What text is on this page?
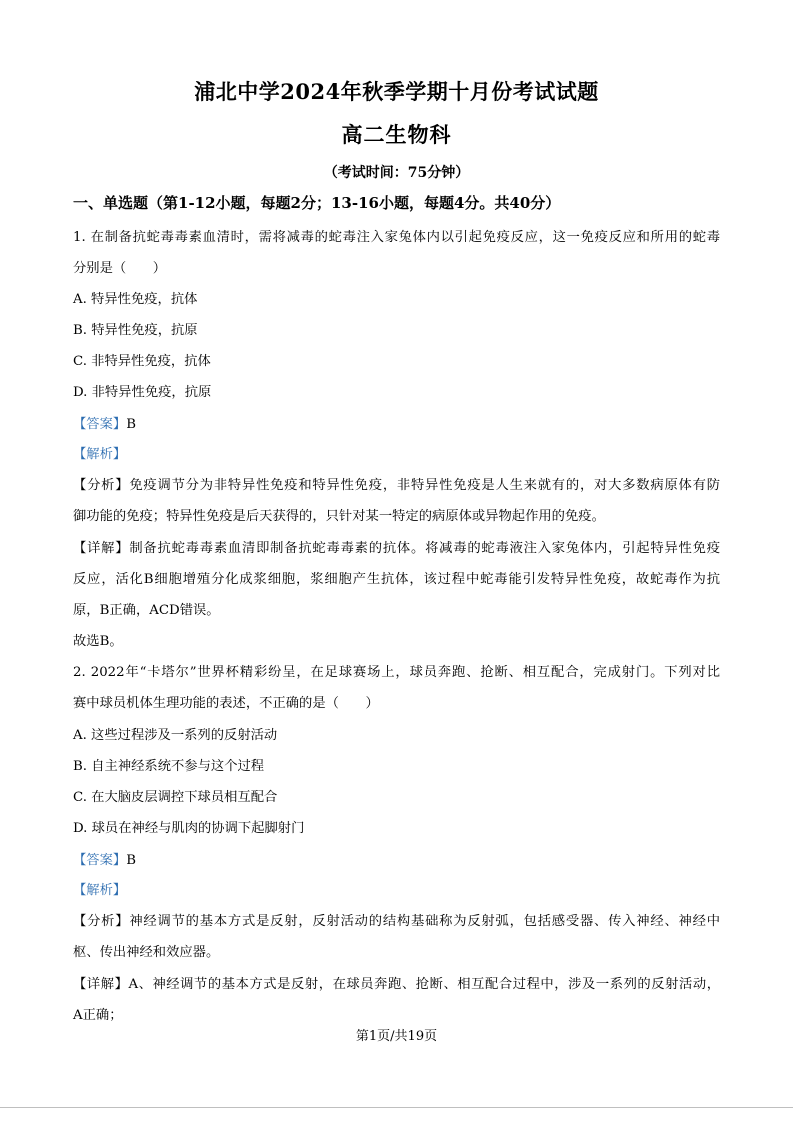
浦北中学2024年秋季学期十月份考试试题
高二生物科
（考试时间：75分钟）
一、单选题（第1-12小题，每题2分；13-16小题，每题4分。共40分）
1. 在制备抗蛇毒毒素血清时，需将减毒的蛇毒注入家兔体内以引起免疫反应，这一免疫反应和所用的蛇毒
分别是（　　）
A. 特异性免疫，抗体
B. 特异性免疫，抗原
C. 非特异性免疫，抗体
D. 非特异性免疫，抗原
【答案】B
【解析】
【分析】免疫调节分为非特异性免疫和特异性免疫，非特异性免疫是人生来就有的，对大多数病原体有防
御功能的免疫；特异性免疫是后天获得的，只针对某一特定的病原体或异物起作用的免疫。
【详解】制备抗蛇毒毒素血清即制备抗蛇毒毒素的抗体。将减毒的蛇毒液注入家兔体内，引起特异性免疫
反应，活化B细胞增殖分化成浆细胞，浆细胞产生抗体，该过程中蛇毒能引发特异性免疫，故蛇毒作为抗
原，B正确，ACD错误。
故选B。
2. 2022年“卡塔尔”世界杯精彩纷呈，在足球赛场上，球员奔跑、抢断、相互配合，完成射门。下列对比
赛中球员机体生理功能的表述，不正确的是（　　）
A. 这些过程涉及一系列的反射活动
B. 自主神经系统不参与这个过程
C. 在大脑皮层调控下球员相互配合
D. 球员在神经与肌肉的协调下起脚射门
【答案】B
【解析】
【分析】神经调节的基本方式是反射，反射活动的结构基础称为反射弧，包括感受器、传入神经、神经中
枢、传出神经和效应器。
【详解】A、神经调节的基本方式是反射，在球员奔跑、抢断、相互配合过程中，涉及一系列的反射活动，
A正确；
第1页/共19页
